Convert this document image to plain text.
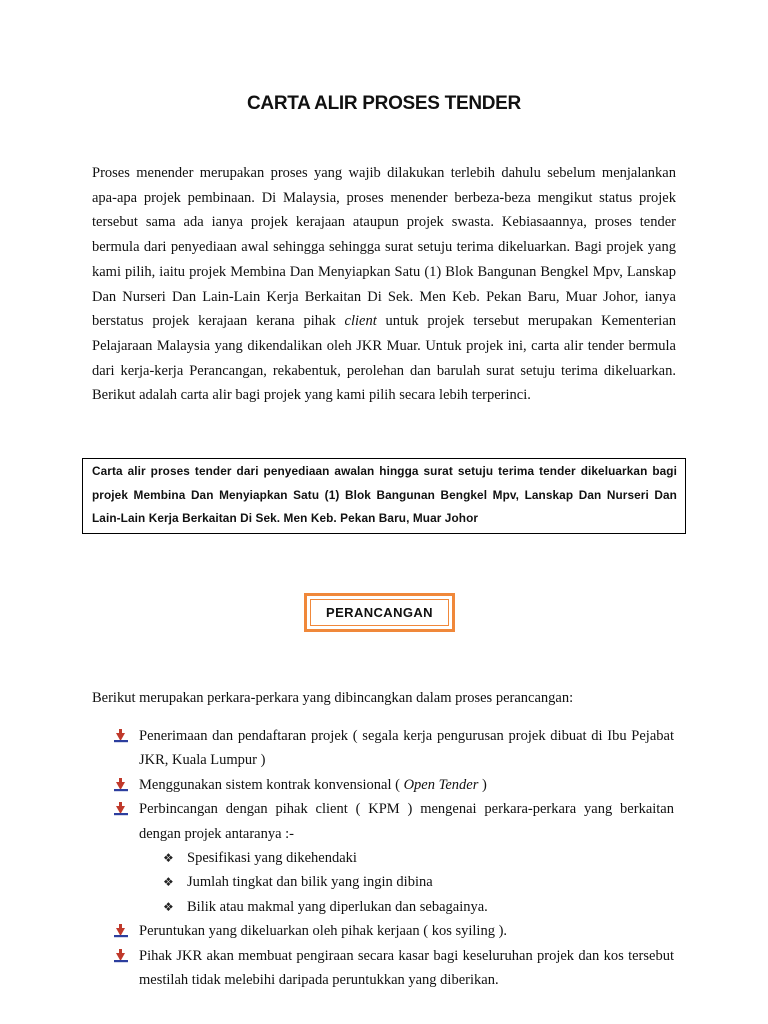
CARTA ALIR PROSES TENDER

Proses menender merupakan proses yang wajib dilakukan terlebih dahulu sebelum menjalankan apa-apa projek pembinaan. Di Malaysia, proses menender berbeza-beza mengikut status projek tersebut sama ada ianya projek kerajaan ataupun projek swasta. Kebiasaannya, proses tender bermula dari penyediaan awal sehingga sehingga surat setuju terima dikeluarkan. Bagi projek yang kami pilih, iaitu projek Membina Dan Menyiapkan Satu (1) Blok Bangunan Bengkel Mpv, Lanskap Dan Nurseri Dan Lain-Lain Kerja Berkaitan Di Sek. Men Keb. Pekan Baru, Muar Johor, ianya berstatus projek kerajaan kerana pihak client untuk projek tersebut merupakan Kementerian Pelajaraan Malaysia yang dikendalikan oleh JKR Muar. Untuk projek ini, carta alir tender bermula dari kerja-kerja Perancangan, rekabentuk, perolehan dan barulah surat setuju terima dikeluarkan. Berikut adalah carta alir bagi projek yang kami pilih secara lebih terperinci.

Carta alir proses tender dari penyediaan awalan hingga surat setuju terima tender dikeluarkan bagi projek Membina Dan Menyiapkan Satu (1) Blok Bangunan Bengkel Mpv, Lanskap Dan Nurseri Dan Lain-Lain Kerja Berkaitan Di Sek. Men Keb. Pekan Baru, Muar Johor
PERANCANGAN
Berikut merupakan perkara-perkara yang dibincangkan dalam proses perancangan:
Penerimaan dan pendaftaran projek ( segala kerja pengurusan projek dibuat di Ibu Pejabat JKR, Kuala Lumpur )
Menggunakan sistem kontrak konvensional ( Open Tender )
Perbincangan dengan pihak client ( KPM ) mengenai perkara-perkara yang berkaitan dengan projek antaranya :-
❖ Spesifikasi yang dikehendaki
❖ Jumlah tingkat dan bilik yang ingin dibina
❖ Bilik atau makmal yang diperlukan dan sebagainya.
Peruntukan yang dikeluarkan oleh pihak kerjaan ( kos syiling ).
Pihak JKR akan membuat pengiraan secara kasar bagi keseluruhan projek dan kos tersebut mestilah tidak melebihi daripada peruntukkan yang diberikan.
